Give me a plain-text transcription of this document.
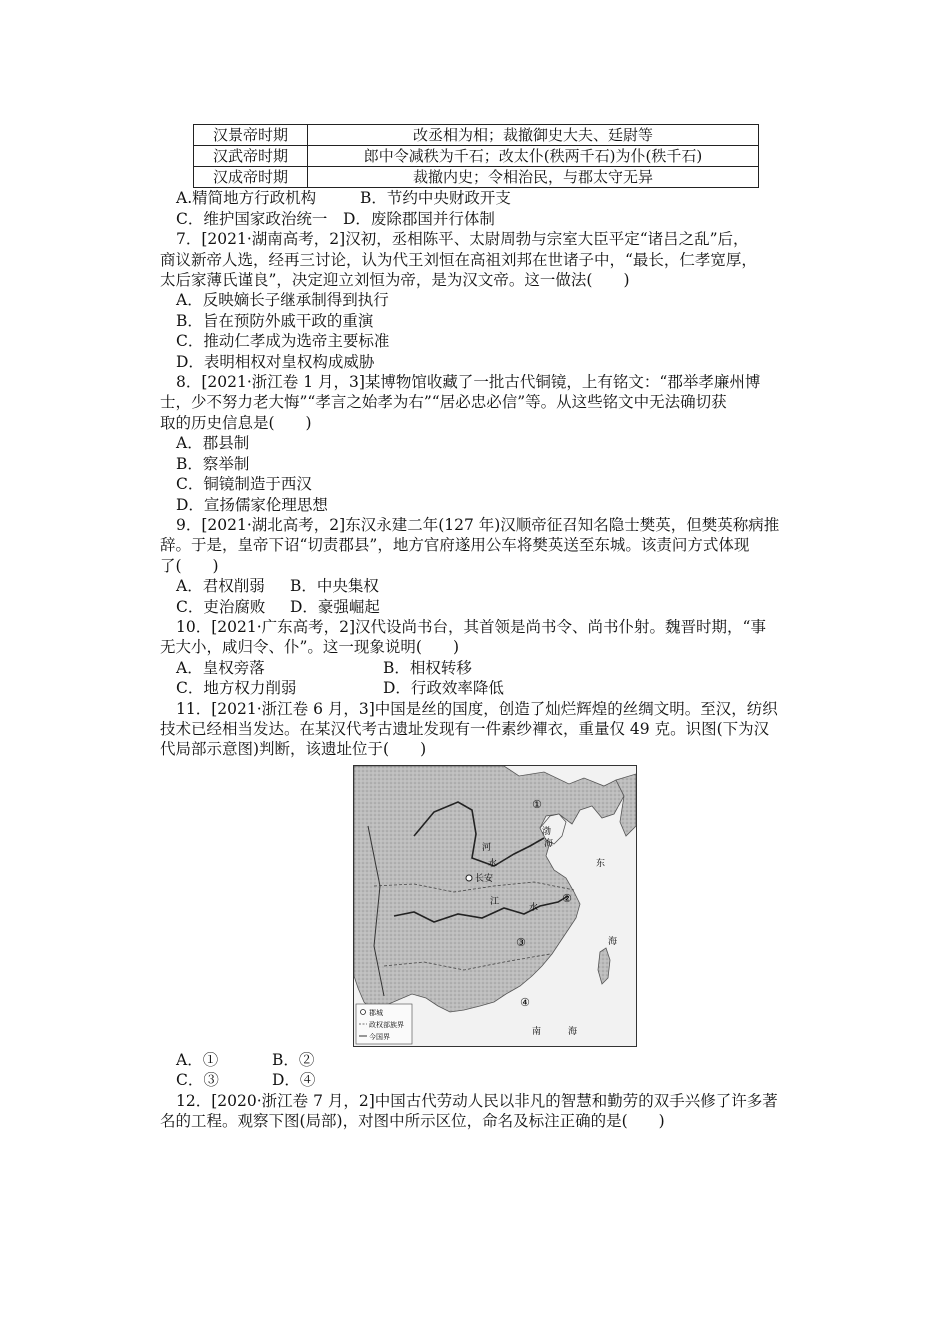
汉景帝时期	改丞相为相；裁撤御史大夫、廷尉等
汉武帝时期	郎中令减秩为千石；改太仆(秩两千石)为仆(秩千石)
汉成帝时期	裁撤内史；令相治民，与郡太守无异
A.精简地方行政机构	B．节约中央财政开支
C．维护国家政治统一 D．废除郡国并行体制
7．[2021·湖南高考，2]汉初，丞相陈平、太尉周勃与宗室大臣平定“诸吕之乱”后，
商议新帝人选，经再三讨论，认为代王刘恒在高祖刘邦在世诸子中，“最长，仁孝宽厚，
太后家薄氏谨良”，决定迎立刘恒为帝，是为汉文帝。这一做法(　　)
A．反映嫡长子继承制得到执行
B．旨在预防外戚干政的重演
C．推动仁孝成为选帝主要标准
D．表明相权对皇权构成威胁
8．[2021·浙江卷 1 月，3]某博物馆收藏了一批古代铜镜，上有铭文：“郡举孝廉州博
士，少不努力老大悔”“孝言之始孝为右”“居必忠必信”等。从这些铭文中无法确切获
取的历史信息是(　　)
A．郡县制
B．察举制
C．铜镜制造于西汉
D．宣扬儒家伦理思想
9．[2021·湖北高考，2]东汉永建二年(127 年)汉顺帝征召知名隐士樊英，但樊英称病推
辞。于是，皇帝下诏“切责郡县”，地方官府遂用公车将樊英送至东城。该责问方式体现
了(　　)
A．君权削弱 B．中央集权
C．吏治腐败 D．豪强崛起
10．[2021·广东高考，2]汉代设尚书台，其首领是尚书令、尚书仆射。魏晋时期，“事
无大小，咸归令、仆”。这一现象说明(　　)
A．皇权旁落	B．相权转移
C．地方权力削弱	D．行政效率降低
11．[2021·浙江卷 6 月，3]中国是丝的国度，创造了灿烂辉煌的丝绸文明。至汉，纺织
技术已经相当发达。在某汉代考古遗址发现有一件素纱襌衣，重量仅 49 克。识图(下为汉
代局部示意图)判断，该遗址位于(　　)
渤
海
河
水
长安
江
水
东
海
南	海
①
②
③
④
郡城
政权部族界
今国界
A．①	B．②
C．③	D．④
12．[2020·浙江卷 7 月，2]中国古代劳动人民以非凡的智慧和勤劳的双手兴修了许多著
名的工程。观察下图(局部)，对图中所示区位，命名及标注正确的是(　　)
